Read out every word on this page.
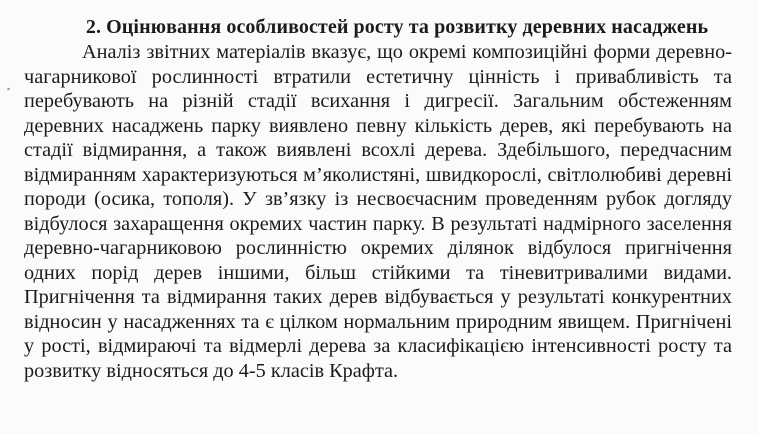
2. Оцінювання особливостей росту та розвитку деревних насаджень

Аналіз звітних матеріалів вказує, що окремі композиційні форми деревно-чагарникової рослинності втратили естетичну цінність і привабливість та перебувають на різній стадії всихання і дигресії. Загальним обстеженням деревних насаджень парку виявлено певну кількість дерев, які перебувають на стадії відмирання, а також виявлені всохлі дерева. Здебільшого, передчасним відмиранням характеризуються м’яколистяні, швидкорослі, світлолюбиві деревні породи (осика, тополя). У зв’язку із несвоєчасним проведенням рубок догляду відбулося захаращення окремих частин парку. В результаті надмірного заселення деревно-чагарниковою рослинністю окремих ділянок відбулося пригнічення одних порід дерев іншими, більш стійкими та тіневитривалими видами. Пригнічення та відмирання таких дерев відбувається у результаті конкурентних відносин у насадженнях та є цілком нормальним природним явищем. Пригнічені у рості, відмираючі та відмерлі дерева за класифікацією інтенсивності росту та розвитку відносяться до 4-5 класів Крафта.
